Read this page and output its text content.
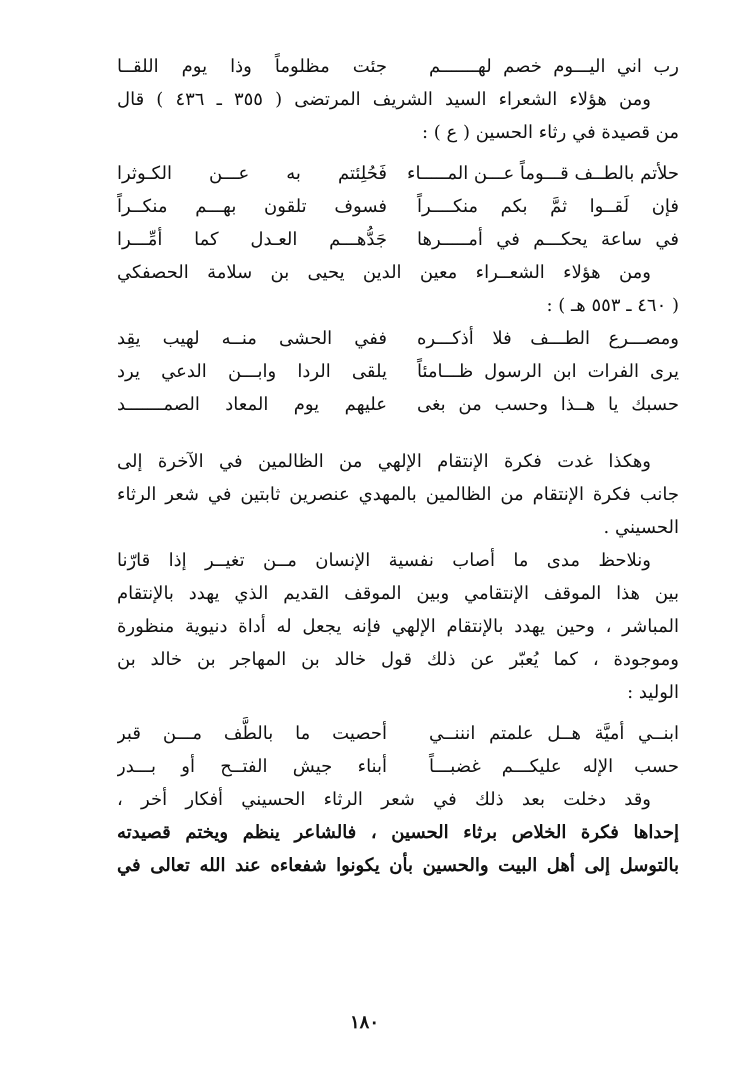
رب اني اليـــوم خصم لهـــــــم
جئت مظلوماً وذا يوم اللقــا
ومن هؤلاء الشعراء السيد الشريف المرتضى ( ٣٥٥ ـ ٤٣٦ ) قال
من قصيدة في رثاء الحسين ( ع ) :
حلأتم بالطــف قـــوماً عـــن المـــــاء
فَحُلِئتم به عـــن الكـوثرا
فإن لَقــوا ثمَّ بكم منكــــراً
فسوف تلقون بهـــم منكــراً
في ساعة يحكـــم في أمـــــرها
جَدُّهـــم العـدل كما أمِّـــرا
ومن هؤلاء الشعــراء معين الدين يحيى بن سلامة الحصفكي
( ٤٦٠ ـ ٥٥٣ هـ ) :
ومصـــرع الطـــف فلا أذكـــره
ففي الحشى منــه لهيب يقِد
يرى الفرات ابن الرسول ظـــامئاً
يلقى الردا وابـــن الدعي يرد
حسبك يا هــذا وحسب من بغى
عليهم يوم المعاد الصمـــــــد
وهكذا غدت فكرة الإنتقام الإلهي من الظالمين في الآخرة إلى
جانب فكرة الإنتقام من الظالمين بالمهدي عنصرين ثابتين في شعر الرثاء
الحسيني .
ونلاحظ مدى ما أصاب نفسية الإنسان مــن تغيــر إذا قارّنا
بين هذا الموقف الإنتقامي وبين الموقف القديم الذي يهدد بالإنتقام
المباشر ، وحين يهدد بالإنتقام الإلهي فإنه يجعل له أداة دنيوية منظورة
وموجودة ، كما يُعبّر عن ذلك قول خالد بن المهاجر بن خالد بن
الوليد :
ابنــي أميَّة هــل علمتم انننــي
أحصيت ما بالطَّف مـــن قبر
حسب الإله عليكـــم غضبـــاً
أبناء جيش الفتــح أو بـــدر
وقد دخلت بعد ذلك في شعر الرثاء الحسيني أفكار أخر ،
إحداها فكرة الخلاص برثاء الحسين ، فالشاعر ينظم ويختم قصيدته
بالتوسل إلى أهل البيت والحسين بأن يكونوا شفعاءه عند الله تعالى في
١٨٠
